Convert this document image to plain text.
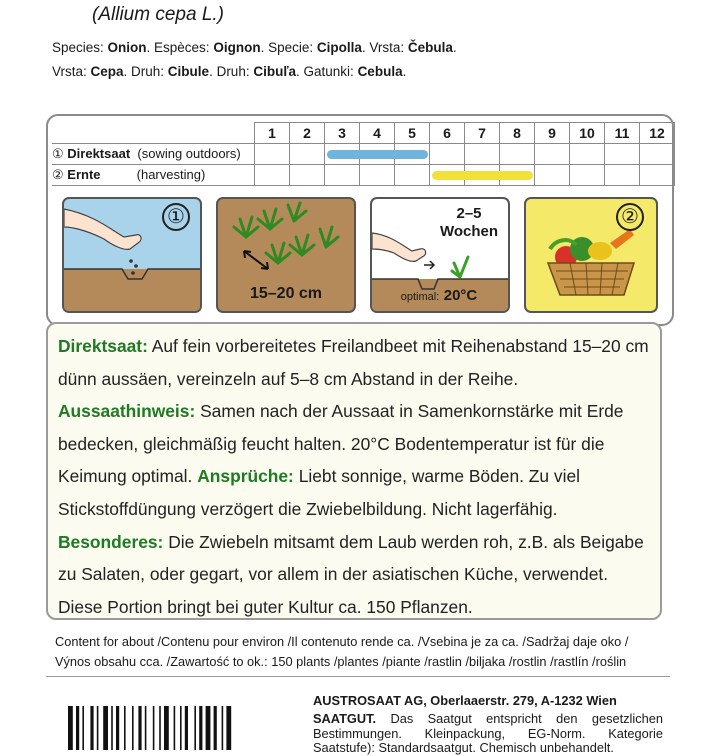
(Allium cepa L.)
Species: Onion. Espèces: Oignon. Specie: Cipolla. Vrsta: Čebula.
Vrsta: Cepa. Druh: Cibule. Druh: Cibuľa. Gatunki: Cebula.
	1	2	3	4	5	6	7	8	9	10	11	12
① Direktsaat (sowing outdoors)												
② Ernte (harvesting)												
①
15–20 cm
2–5
Wochen
optimal: 20°C
②
Direktsaat: Auf fein vorbereitetes Freilandbeet mit Reihenabstand 15–20 cm dünn aussäen, vereinzeln auf 5–8 cm Abstand in der Reihe.
Aussaathinweis: Samen nach der Aussaat in Samenkornstärke mit Erde bedecken, gleichmäßig feucht halten. 20°C Bodentemperatur ist für die Keimung optimal. Ansprüche: Liebt sonnige, warme Böden. Zu viel Stickstoffdüngung verzögert die Zwiebelbildung. Nicht lagerfähig.
Besonderes: Die Zwiebeln mitsamt dem Laub werden roh, z.B. als Beigabe zu Salaten, oder gegart, vor allem in der asiatischen Küche, verwendet.
Diese Portion bringt bei guter Kultur ca. 150 Pflanzen.
Content for about /Contenu pour environ /Il contenuto rende ca. /Vsebina je za ca. /Sadržaj daje oko /
Výnos obsahu cca. /Zawartość to ok.: 150 plants /plantes /piante /rastlin /biljaka /rostlin /rastlín /roślin
AUSTROSAAT AG, Oberlaaerstr. 279, A-1232 Wien
SAATGUT. Das Saatgut entspricht den gesetzlichen Bestimmungen. Kleinpackung, EG-Norm. Kategorie Saatstufe): Standardsaatgut. Chemisch unbehandelt.
